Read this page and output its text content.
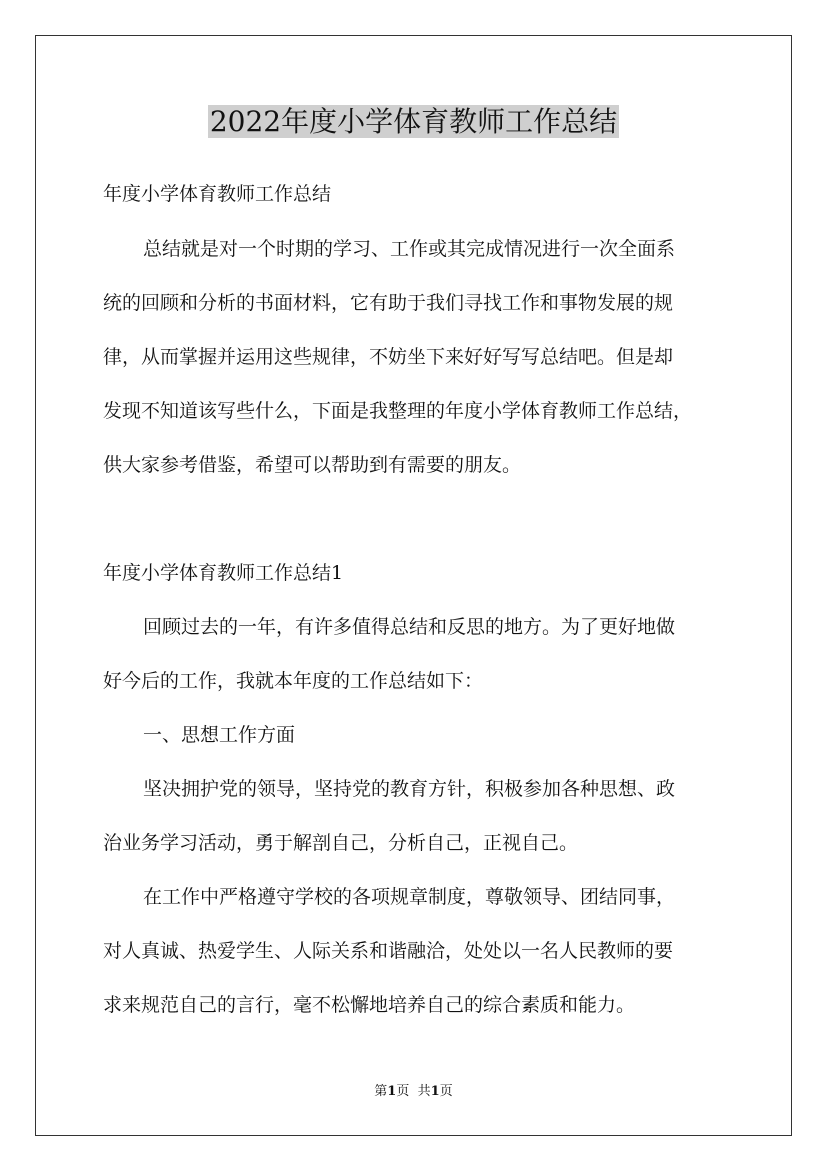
2022年度小学体育教师工作总结

年度小学体育教师工作总结

总结就是对一个时期的学习、工作或其完成情况进行一次全面系

统的回顾和分析的书面材料，它有助于我们寻找工作和事物发展的规

律，从而掌握并运用这些规律，不妨坐下来好好写写总结吧。但是却

发现不知道该写些什么，下面是我整理的年度小学体育教师工作总结，

供大家参考借鉴，希望可以帮助到有需要的朋友。

年度小学体育教师工作总结1

回顾过去的一年，有许多值得总结和反思的地方。为了更好地做

好今后的工作，我就本年度的工作总结如下：

一、思想工作方面

坚决拥护党的领导，坚持党的教育方针，积极参加各种思想、政

治业务学习活动，勇于解剖自己，分析自己，正视自己。

在工作中严格遵守学校的各项规章制度，尊敬领导、团结同事，

对人真诚、热爱学生、人际关系和谐融洽，处处以一名人民教师的要

求来规范自己的言行，毫不松懈地培养自己的综合素质和能力。

第1页 共1页
